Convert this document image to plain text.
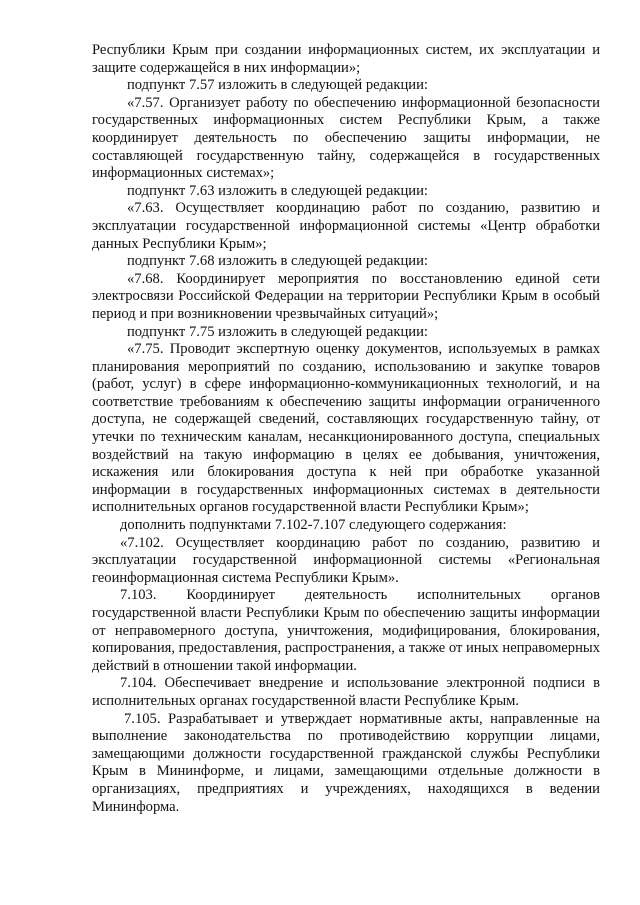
Республики Крым при создании информационных систем, их эксплуатации и защите содержащейся в них информации»;

подпункт 7.57 изложить в следующей редакции:

«7.57. Организует работу по обеспечению информационной безопасности государственных информационных систем Республики Крым, а также координирует деятельность по обеспечению защиты информации, не составляющей государственную тайну, содержащейся в государственных информационных системах»;

подпункт 7.63 изложить в следующей редакции:

«7.63. Осуществляет координацию работ по созданию, развитию и эксплуатации государственной информационной системы «Центр обработки данных Республики Крым»;

подпункт 7.68 изложить в следующей редакции:

«7.68. Координирует мероприятия по восстановлению единой сети электросвязи Российской Федерации на территории Республики Крым в особый период и при возникновении чрезвычайных ситуаций»;

подпункт 7.75 изложить в следующей редакции:

«7.75. Проводит экспертную оценку документов, используемых в рамках планирования мероприятий по созданию, использованию и закупке товаров (работ, услуг) в сфере информационно-коммуникационных технологий, и на соответствие требованиям к обеспечению защиты информации ограниченного доступа, не содержащей сведений, составляющих государственную тайну, от утечки по техническим каналам, несанкционированного доступа, специальных воздействий на такую информацию в целях ее добывания, уничтожения, искажения или блокирования доступа к ней при обработке указанной информации в государственных информационных системах в деятельности исполнительных органов государственной власти Республики Крым»;

дополнить подпунктами 7.102-7.107 следующего содержания:

«7.102. Осуществляет координацию работ по созданию, развитию и эксплуатации государственной информационной системы «Региональная геоинформационная система Республики Крым».

7.103. Координирует деятельность исполнительных органов государственной власти Республики Крым по обеспечению защиты информации от неправомерного доступа, уничтожения, модифицирования, блокирования, копирования, предоставления, распространения, а также от иных неправомерных действий в отношении такой информации.

7.104. Обеспечивает внедрение и использование электронной подписи в исполнительных органах государственной власти Республике Крым.

7.105. Разрабатывает и утверждает нормативные акты, направленные на выполнение законодательства по противодействию коррупции лицами, замещающими должности государственной гражданской службы Республики Крым в Мининформе, и лицами, замещающими отдельные должности в организациях, предприятиях и учреждениях, находящихся в ведении Мининформа.
